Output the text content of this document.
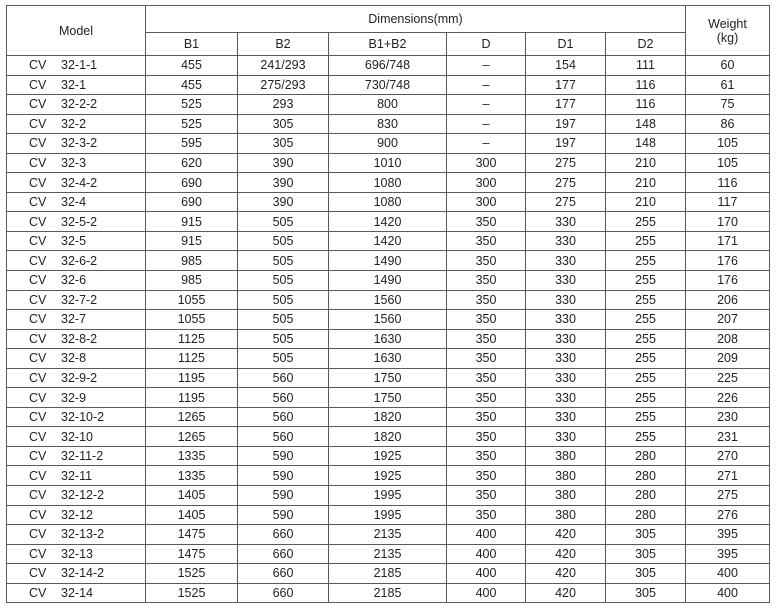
Model	Dimensions(mm)						Weight
(kg)

	B1	B2	B1+B2	D	D1	D2	
CV 32-1-1	455	241/293	696/748	–	154	111	60
CV 32-1	455	275/293	730/748	–	177	116	61
CV 32-2-2	525	293	800	–	177	116	75
CV 32-2	525	305	830	–	197	148	86
CV 32-3-2	595	305	900	–	197	148	105
CV 32-3	620	390	1010	300	275	210	105
CV 32-4-2	690	390	1080	300	275	210	116
CV 32-4	690	390	1080	300	275	210	117
CV 32-5-2	915	505	1420	350	330	255	170
CV 32-5	915	505	1420	350	330	255	171
CV 32-6-2	985	505	1490	350	330	255	176
CV 32-6	985	505	1490	350	330	255	176
CV 32-7-2	1055	505	1560	350	330	255	206
CV 32-7	1055	505	1560	350	330	255	207
CV 32-8-2	1125	505	1630	350	330	255	208
CV 32-8	1125	505	1630	350	330	255	209
CV 32-9-2	1195	560	1750	350	330	255	225
CV 32-9	1195	560	1750	350	330	255	226
CV 32-10-2	1265	560	1820	350	330	255	230
CV 32-10	1265	560	1820	350	330	255	231
CV 32-11-2	1335	590	1925	350	380	280	270
CV 32-11	1335	590	1925	350	380	280	271
CV 32-12-2	1405	590	1995	350	380	280	275
CV 32-12	1405	590	1995	350	380	280	276
CV 32-13-2	1475	660	2135	400	420	305	395
CV 32-13	1475	660	2135	400	420	305	395
CV 32-14-2	1525	660	2185	400	420	305	400
CV 32-14	1525	660	2185	400	420	305	400
